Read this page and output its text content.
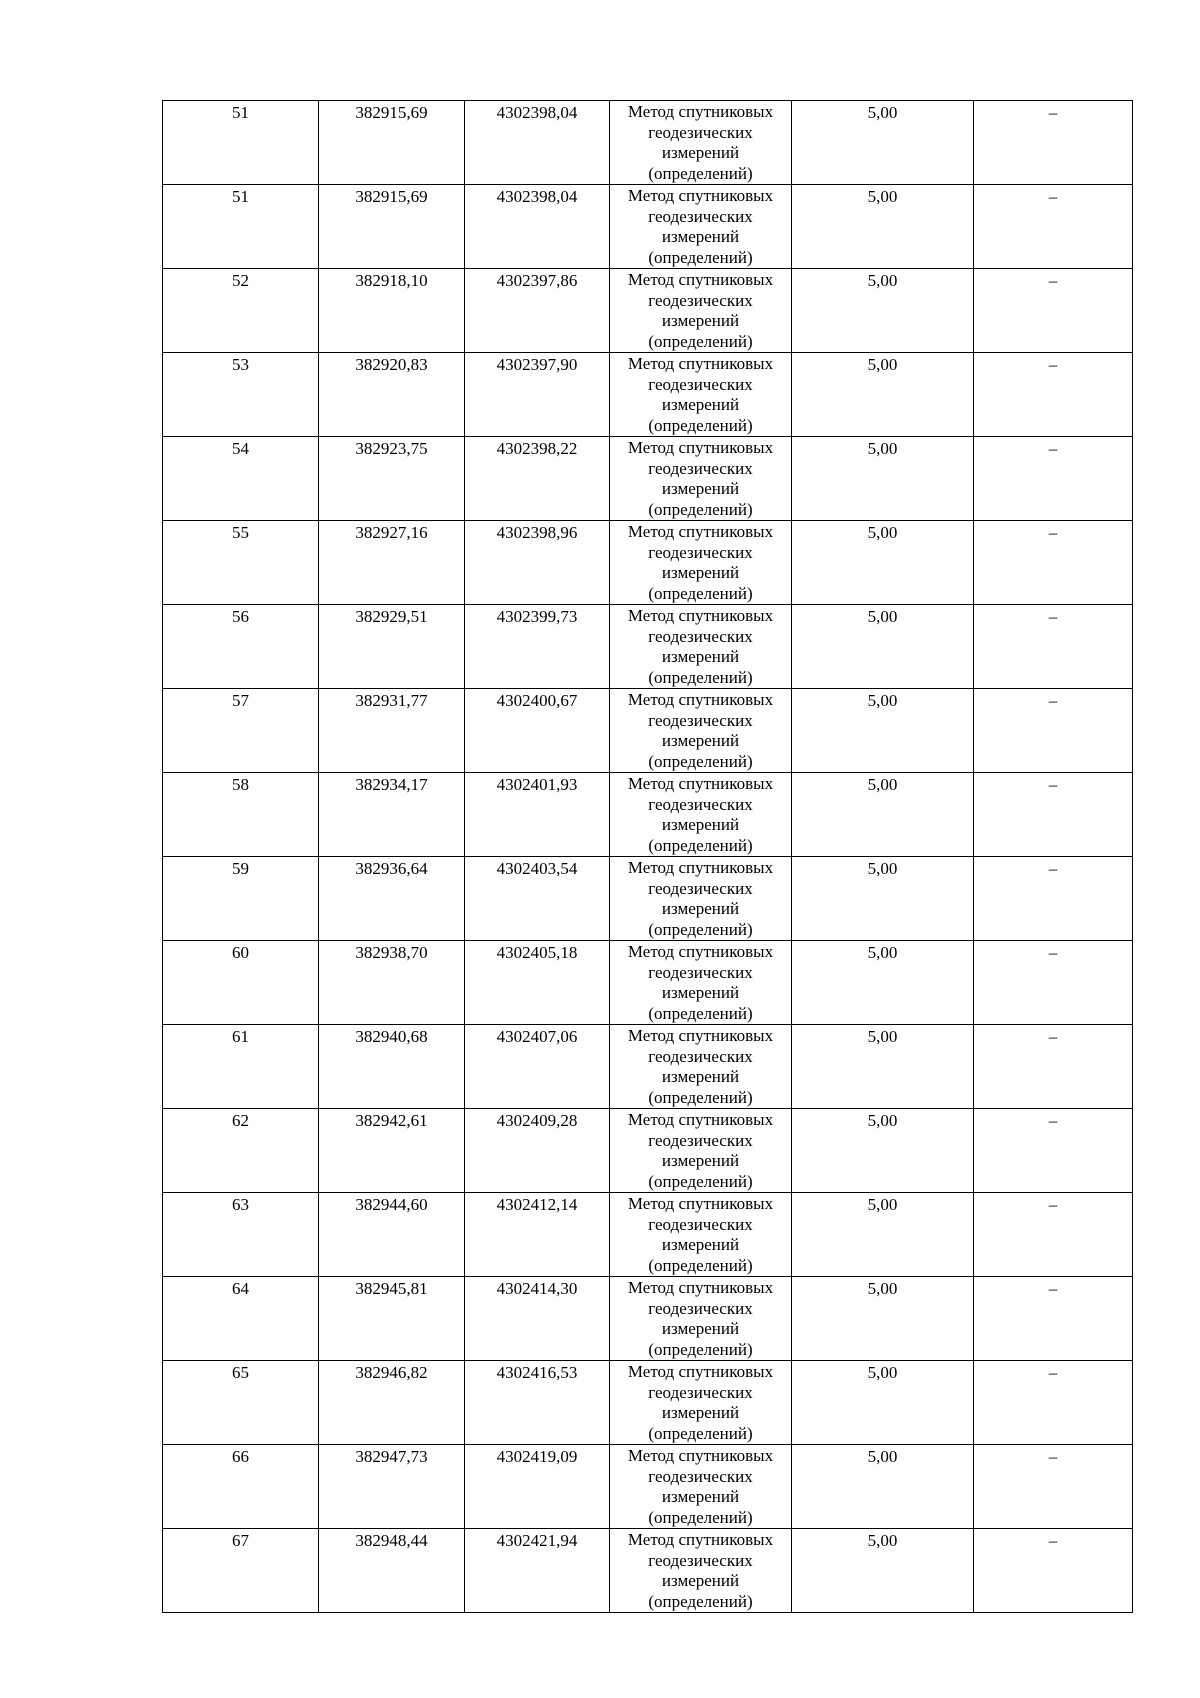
51	382915,69	4302398,04	Метод спутниковых геодезических измерений (определений)	5,00	–
51	382915,69	4302398,04	Метод спутниковых геодезических измерений (определений)	5,00	–
52	382918,10	4302397,86	Метод спутниковых геодезических измерений (определений)	5,00	–
53	382920,83	4302397,90	Метод спутниковых геодезических измерений (определений)	5,00	–
54	382923,75	4302398,22	Метод спутниковых геодезических измерений (определений)	5,00	–
55	382927,16	4302398,96	Метод спутниковых геодезических измерений (определений)	5,00	–
56	382929,51	4302399,73	Метод спутниковых геодезических измерений (определений)	5,00	–
57	382931,77	4302400,67	Метод спутниковых геодезических измерений (определений)	5,00	–
58	382934,17	4302401,93	Метод спутниковых геодезических измерений (определений)	5,00	–
59	382936,64	4302403,54	Метод спутниковых геодезических измерений (определений)	5,00	–
60	382938,70	4302405,18	Метод спутниковых геодезических измерений (определений)	5,00	–
61	382940,68	4302407,06	Метод спутниковых геодезических измерений (определений)	5,00	–
62	382942,61	4302409,28	Метод спутниковых геодезических измерений (определений)	5,00	–
63	382944,60	4302412,14	Метод спутниковых геодезических измерений (определений)	5,00	–
64	382945,81	4302414,30	Метод спутниковых геодезических измерений (определений)	5,00	–
65	382946,82	4302416,53	Метод спутниковых геодезических измерений (определений)	5,00	–
66	382947,73	4302419,09	Метод спутниковых геодезических измерений (определений)	5,00	–
67	382948,44	4302421,94	Метод спутниковых геодезических измерений (определений)	5,00	–
